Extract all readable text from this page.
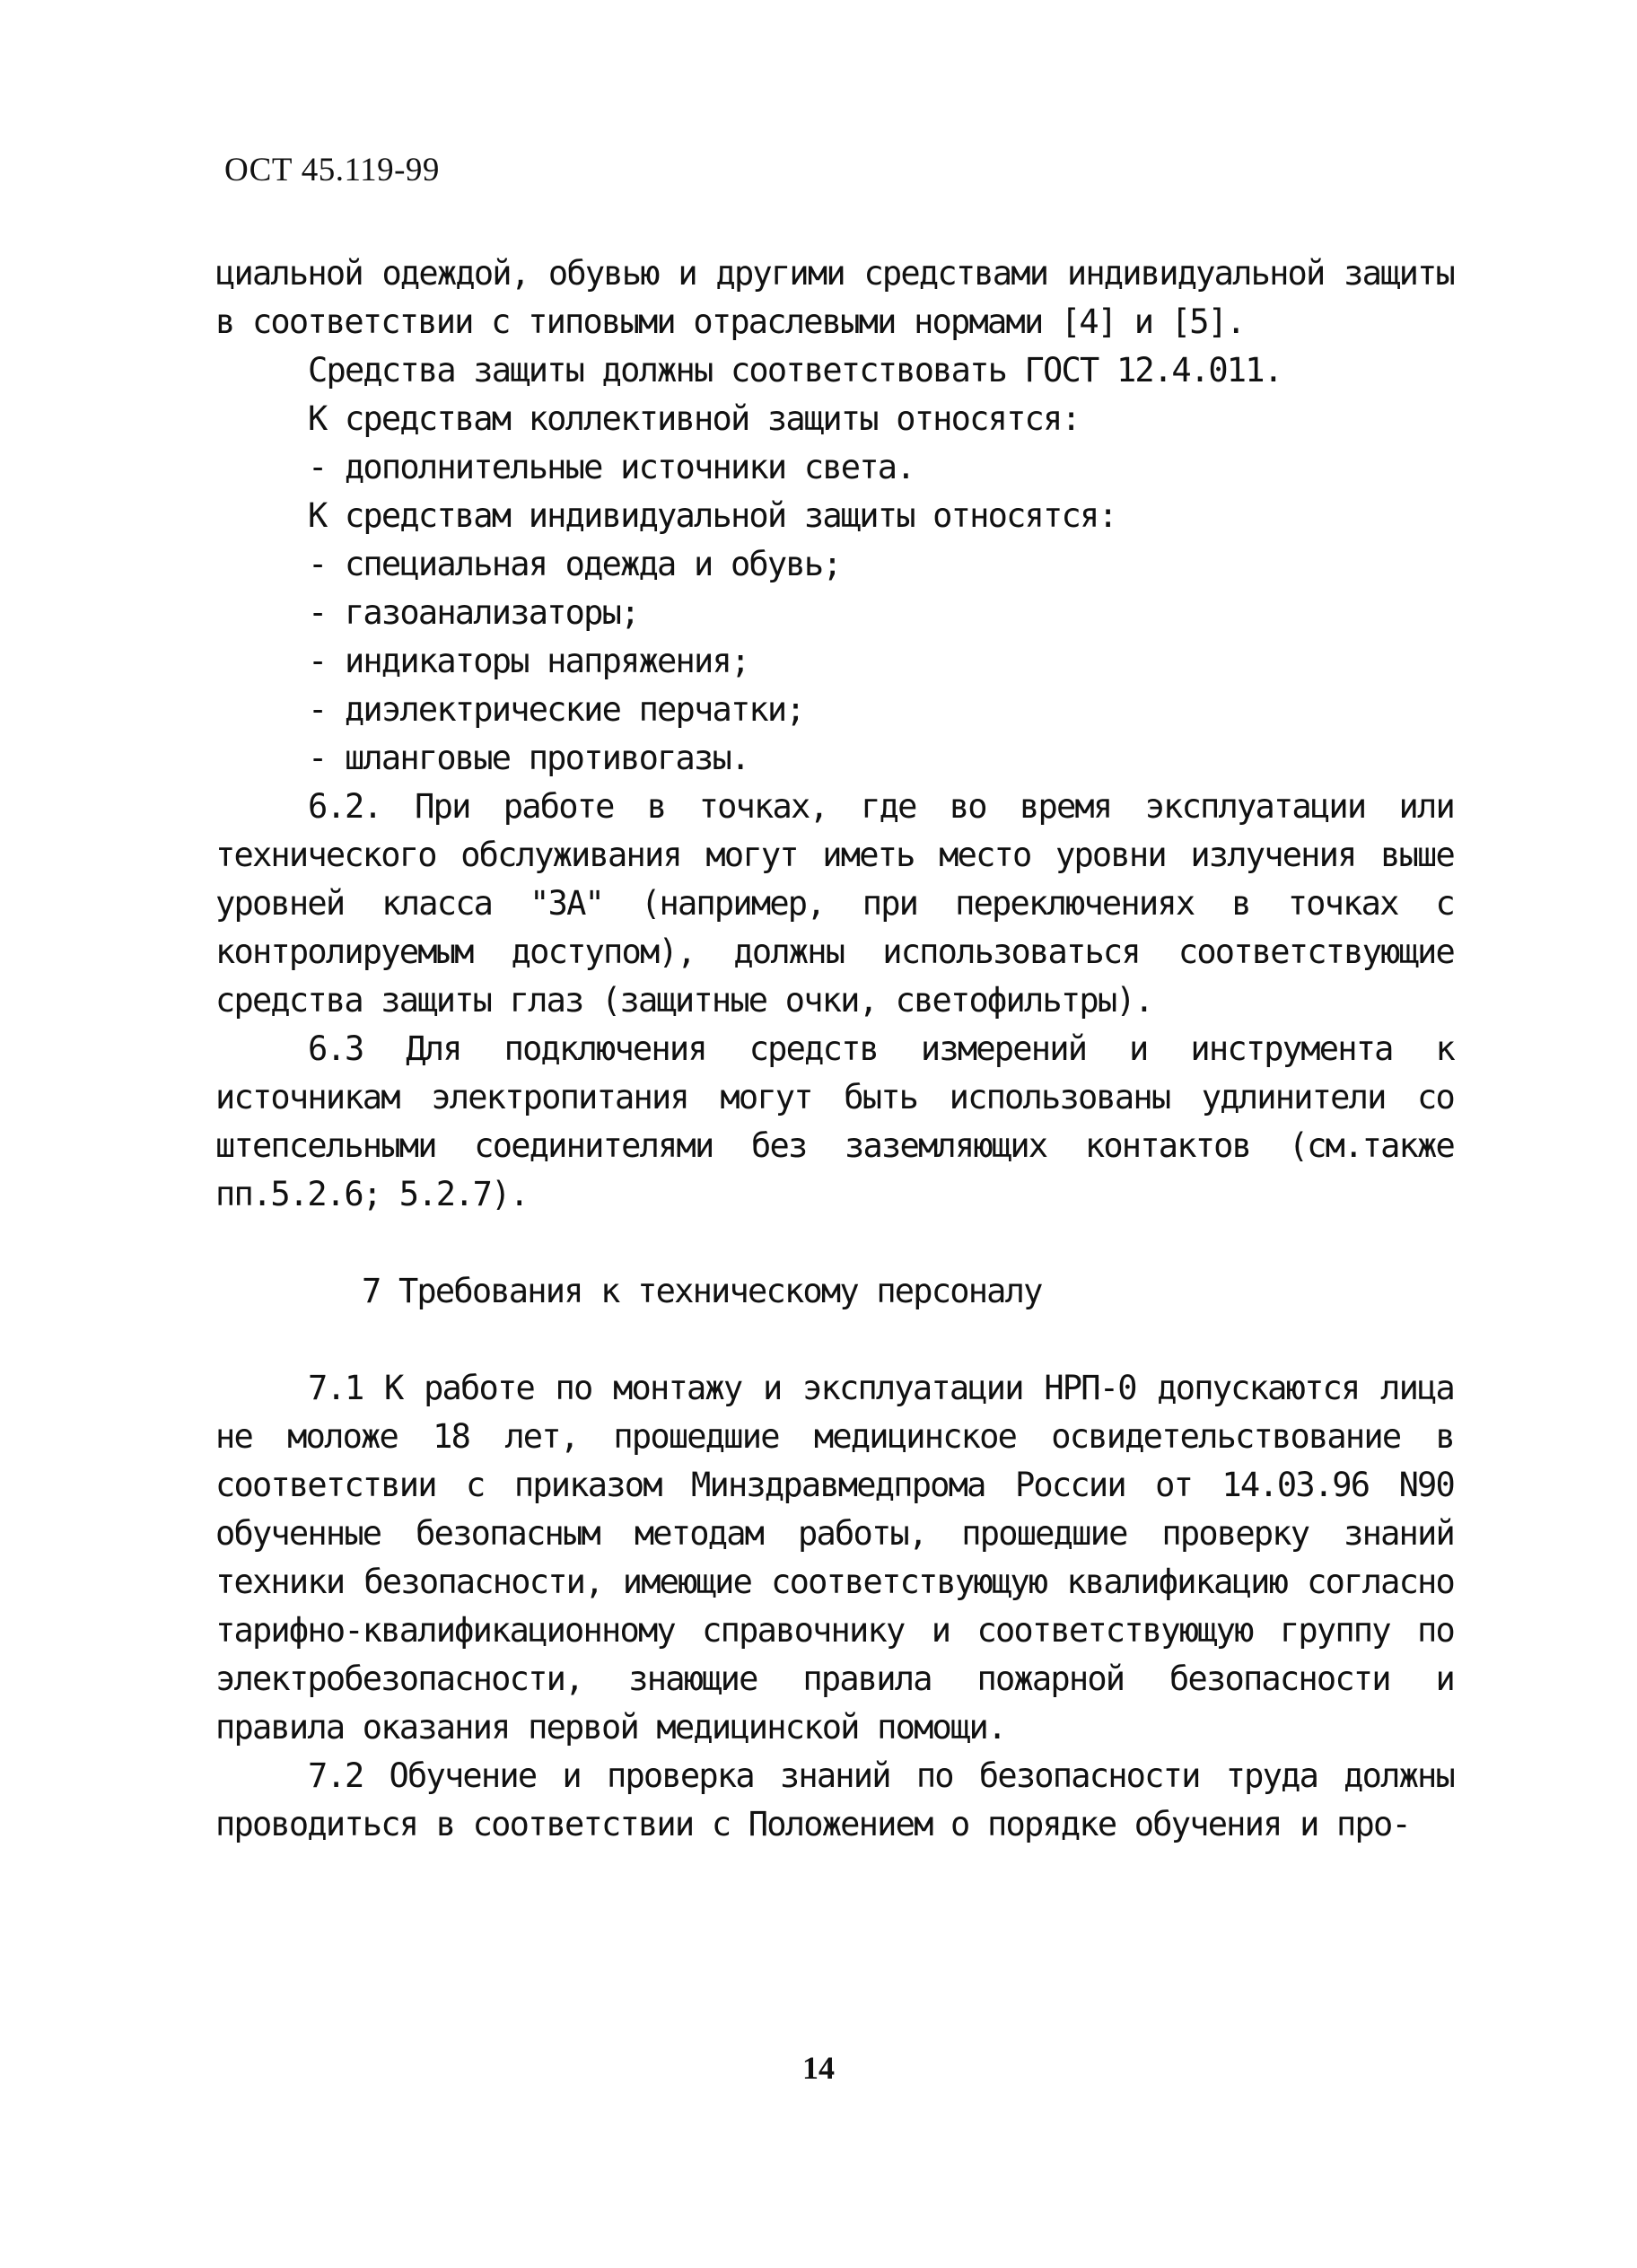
ОСТ 45.119-99

циальной одеждой, обувью и другими средствами индивидуальной защиты в соответствии с типовыми отраслевыми нормами [4] и [5].

Средства защиты должны соответствовать ГОСТ 12.4.011.

К средствам коллективной защиты относятся:

- дополнительные источники света.

К средствам индивидуальной защиты относятся:

- специальная одежда и обувь;

- газоанализаторы;

- индикаторы напряжения;

- диэлектрические перчатки;

- шланговые противогазы.

6.2. При работе в точках, где во время эксплуатации или технического обслуживания могут иметь место уровни излучения выше уровней класса "3А" (например, при переключениях в точках с контролируемым доступом), должны использоваться соответствующие средства защиты глаз (защитные очки, светофильтры).

6.3 Для подключения средств измерений и инструмента к источникам электропитания могут быть использованы удлинители со штепсельными соединителями без заземляющих контактов (см.также пп.5.2.6; 5.2.7).

7 Требования к техническому персоналу

7.1 К работе по монтажу и эксплуатации НРП-0 допускаются лица не моложе 18 лет, прошедшие медицинское освидетельствование в соответствии с приказом Минздравмедпрома России от 14.03.96 N90 обученные безопасным методам работы, прошедшие проверку знаний техники безопасности, имеющие соответствующую квалификацию согласно тарифно-квалификационному справочнику и соответствующую группу по электробезопасности, знающие правила пожарной безопасности и правила оказания первой медицинской помощи.

7.2 Обучение и проверка знаний по безопасности труда должны проводиться в соответствии с Положением о порядке обучения и про-

14
